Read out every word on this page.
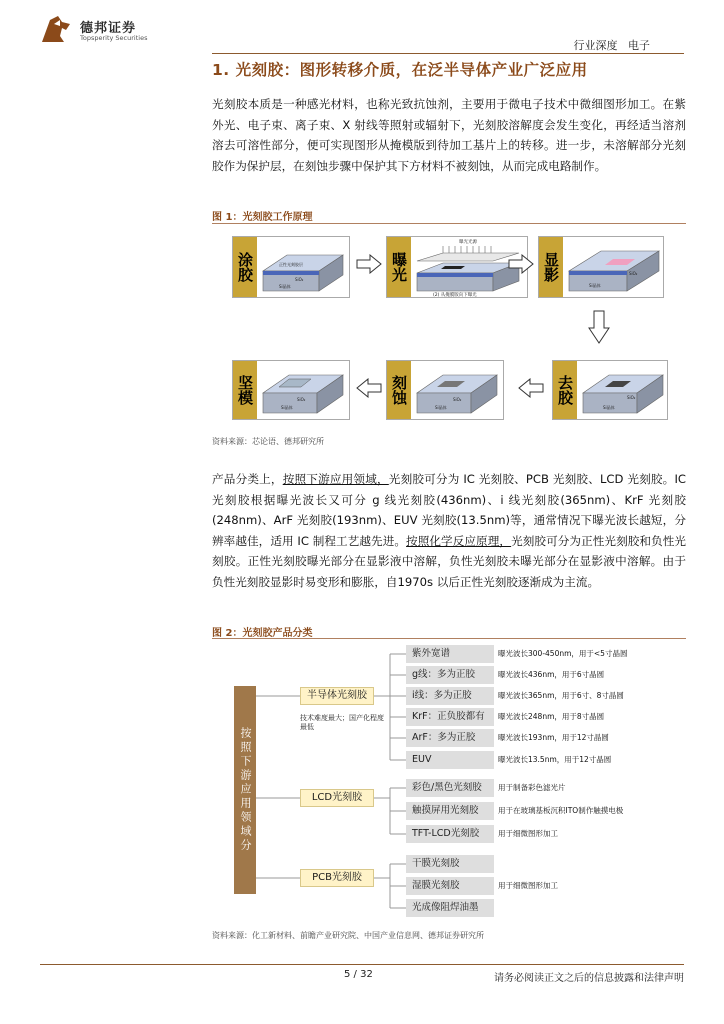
德邦证券
Topsperity Securities
行业深度 电子
1. 光刻胶：图形转移介质，在泛半导体产业广泛应用
光刻胶本质是一种感光材料，也称光致抗蚀剂，主要用于微电子技术中微细图形加工。在紫外光、电子束、离子束、X 射线等照射或辐射下，光刻胶溶解度会发生变化，再经适当溶剂溶去可溶性部分，便可实现图形从掩模版到待加工基片上的转移。进一步，未溶解部分光刻胶作为保护层，在刻蚀步骤中保护其下方材料不被刻蚀，从而完成电路制作。
图 1：光刻胶工作原理
涂胶	正性光刻胶层
SiO₂
Si晶体
曝光
曝光光源
(2) 从掩膜版向下曝光
显影	SiO₂
Si晶体
去胶	SiO₂
Si晶体
刻蚀	SiO₂
Si晶体
坚模	SiO₂
Si晶体
资料来源：芯论语、德邦研究所
产品分类上，按照下游应用领域，光刻胶可分为 IC 光刻胶、PCB 光刻胶、LCD 光刻胶。IC 光刻胶根据曝光波长又可分 g 线光刻胶(436nm)、i 线光刻胶(365nm)、KrF 光刻胶(248nm)、ArF 光刻胶(193nm)、EUV 光刻胶(13.5nm)等，通常情况下曝光波长越短，分辨率越佳，适用 IC 制程工艺越先进。按照化学反应原理，光刻胶可分为正性光刻胶和负性光刻胶。正性光刻胶曝光部分在显影液中溶解，负性光刻胶未曝光部分在显影液中溶解。由于负性光刻胶显影时易变形和膨胀，自1970s 以后正性光刻胶逐渐成为主流。
图 2：光刻胶产品分类
按照下游应用领域分
半导体光刻胶
技术难度最大；国产化程度最低
紫外宽谱	曝光波长300-450nm，用于<5寸晶圆
g线：多为正胶	曝光波长436nm，用于6寸晶圆
i线：多为正胶	曝光波长365nm，用于6寸、8寸晶圆
KrF：正负胶都有	曝光波长248nm，用于8寸晶圆
ArF：多为正胶	曝光波长193nm，用于12寸晶圆
EUV	曝光波长13.5nm，用于12寸晶圆
LCD光刻胶
彩色/黑色光刻胶	用于制备彩色滤光片
触摸屏用光刻胶	用于在玻璃基板沉积ITO制作触摸电极
TFT-LCD光刻胶	用于细微图形加工
PCB光刻胶
干膜光刻胶
湿膜光刻胶	用于细微图形加工
光成像阻焊油墨
资料来源：化工新材料、前瞻产业研究院、中国产业信息网、德邦证券研究所
5 / 32	请务必阅读正文之后的信息披露和法律声明
